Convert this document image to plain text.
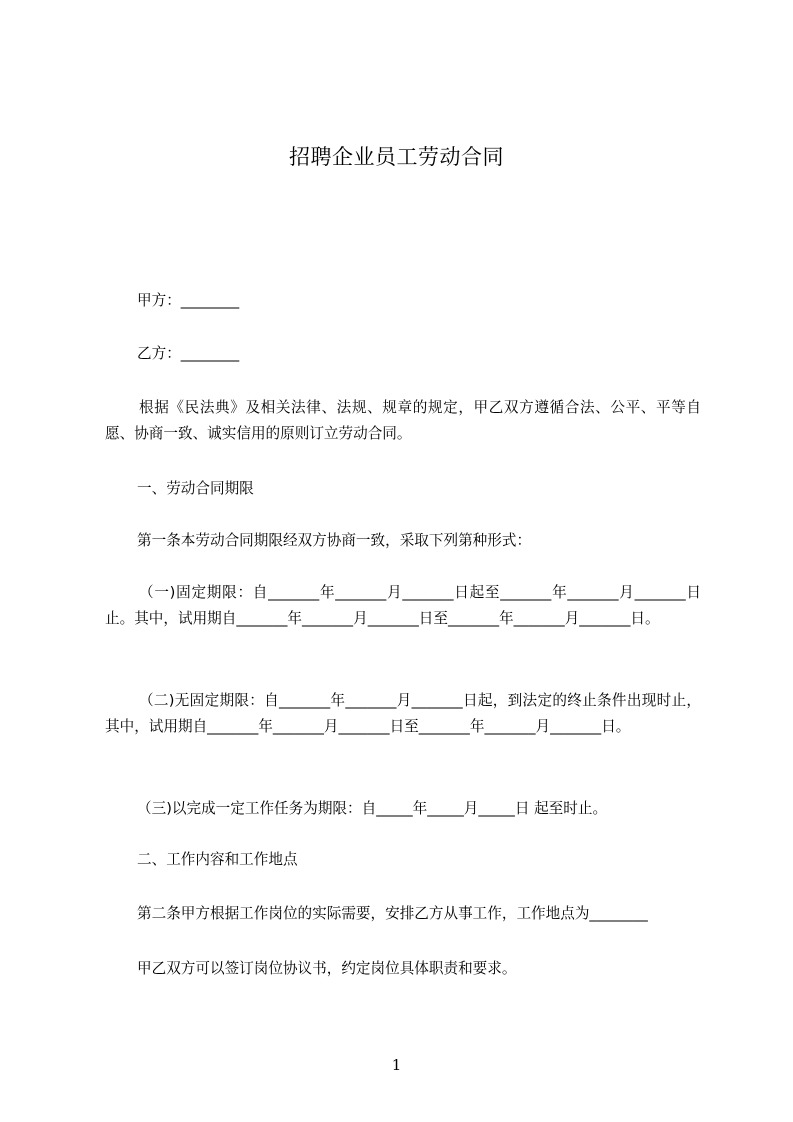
招聘企业员工劳动合同
甲方：________
乙方：________
根据《民法典》及相关法律、法规、规章的规定，甲乙双方遵循合法、公平、平等自愿、协商一致、诚实信用的原则订立劳动合同。
一、劳动合同期限
第一条本劳动合同期限经双方协商一致，采取下列第种形式：
（一)固定期限：自_______年_______月_______日起至_______年_______月_______日止。其中，试用期自_______年_______月_______日至_______年_______月_______日。
（二)无固定期限：自_______年_______月_______日起，到法定的终止条件出现时止，其中，试用期自_______年_______月_______日至_______年_______月_______日。
（三)以完成一定工作任务为期限：自_____年_____月_____日 起至时止。
二、工作内容和工作地点
第二条甲方根据工作岗位的实际需要，安排乙方从事工作，工作地点为________
甲乙双方可以签订岗位协议书，约定岗位具体职责和要求。
1
